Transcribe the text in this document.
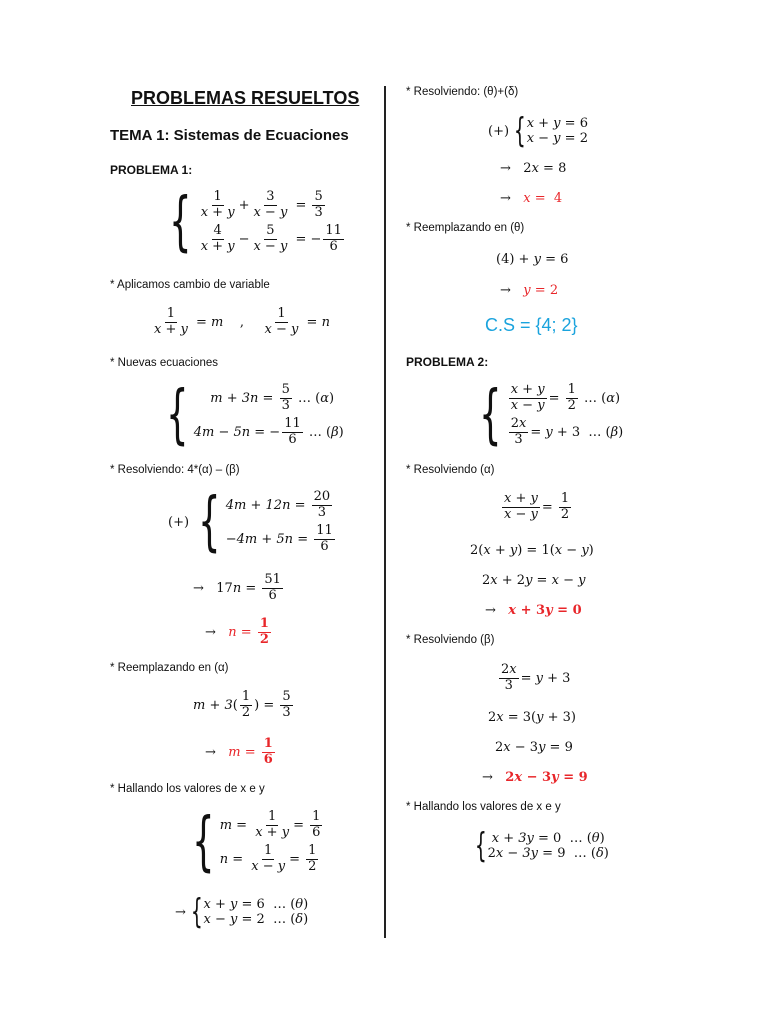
PROBLEMAS RESUELTOS
TEMA 1: Sistemas de Ecuaciones
PROBLEMA 1:
{ $\frac{1}{x + y} + \frac{3}{x - y} = \frac{5}{3}$
$\frac{4}{x + y} - \frac{5}{x - y}$ = − $\frac{11}{6}$
* Aplicamos cambio de variable
$\frac{1}{x + y} = m$ , $\frac{1}{x - y} = n$
* Nuevas ecuaciones
{ $m + 3n = \frac{5}{3}$ … ( α )
4m − 5n = − $\frac{11}{6}$ … ( β )
* Resolviendo: 4*(α) – (β)
(+) { $4m + 12n = \frac{20}{3}$
$-4m + 5n = \frac{11}{6}$
→   17 $n = \frac{51}{6}$
→ $n = \frac{1}{2}$
* Reemplazando en (α)
m + 3 ( $\frac{1}{2}$ ) = $\frac{5}{3}$
→ $m = \frac{1}{6}$
* Hallando los valores de x e y
{ $m = \frac{1}{x + y} = \frac{1}{6}$
$n = \frac{1}{x - y} = \frac{1}{2}$
→ { x + y = 6  … ( θ )
x − y = 2  … ( δ )
* Resolviendo: (θ)+(δ)
(+) { x + y = 6
x − y = 2
→   2x = 8
→   x =  4
* Reemplazando en (θ)
(4) + y = 6
→   y = 2
C.S = {4; 2}
PROBLEMA 2:
{ $\frac{x + y}{x - y} = \frac{1}{2}$ … ( α )
$\frac{2x}{3} = y + 3$  … ( β )
* Resolviendo (α)
$\frac{x + y}{x - y} = \frac{1}{2}$
2(x + y) = 1(x − y)
2x + 2y = x − y
→   x + 3y = 0
* Resolviendo (β)
$\frac{2x}{3} = y + 3$
2x = 3(y + 3)
2x − 3y = 9
→   2x − 3y = 9
* Hallando los valores de x e y
{ x + 3y = 0  … ( θ )
2 x − 3y = 9  … ( δ )
